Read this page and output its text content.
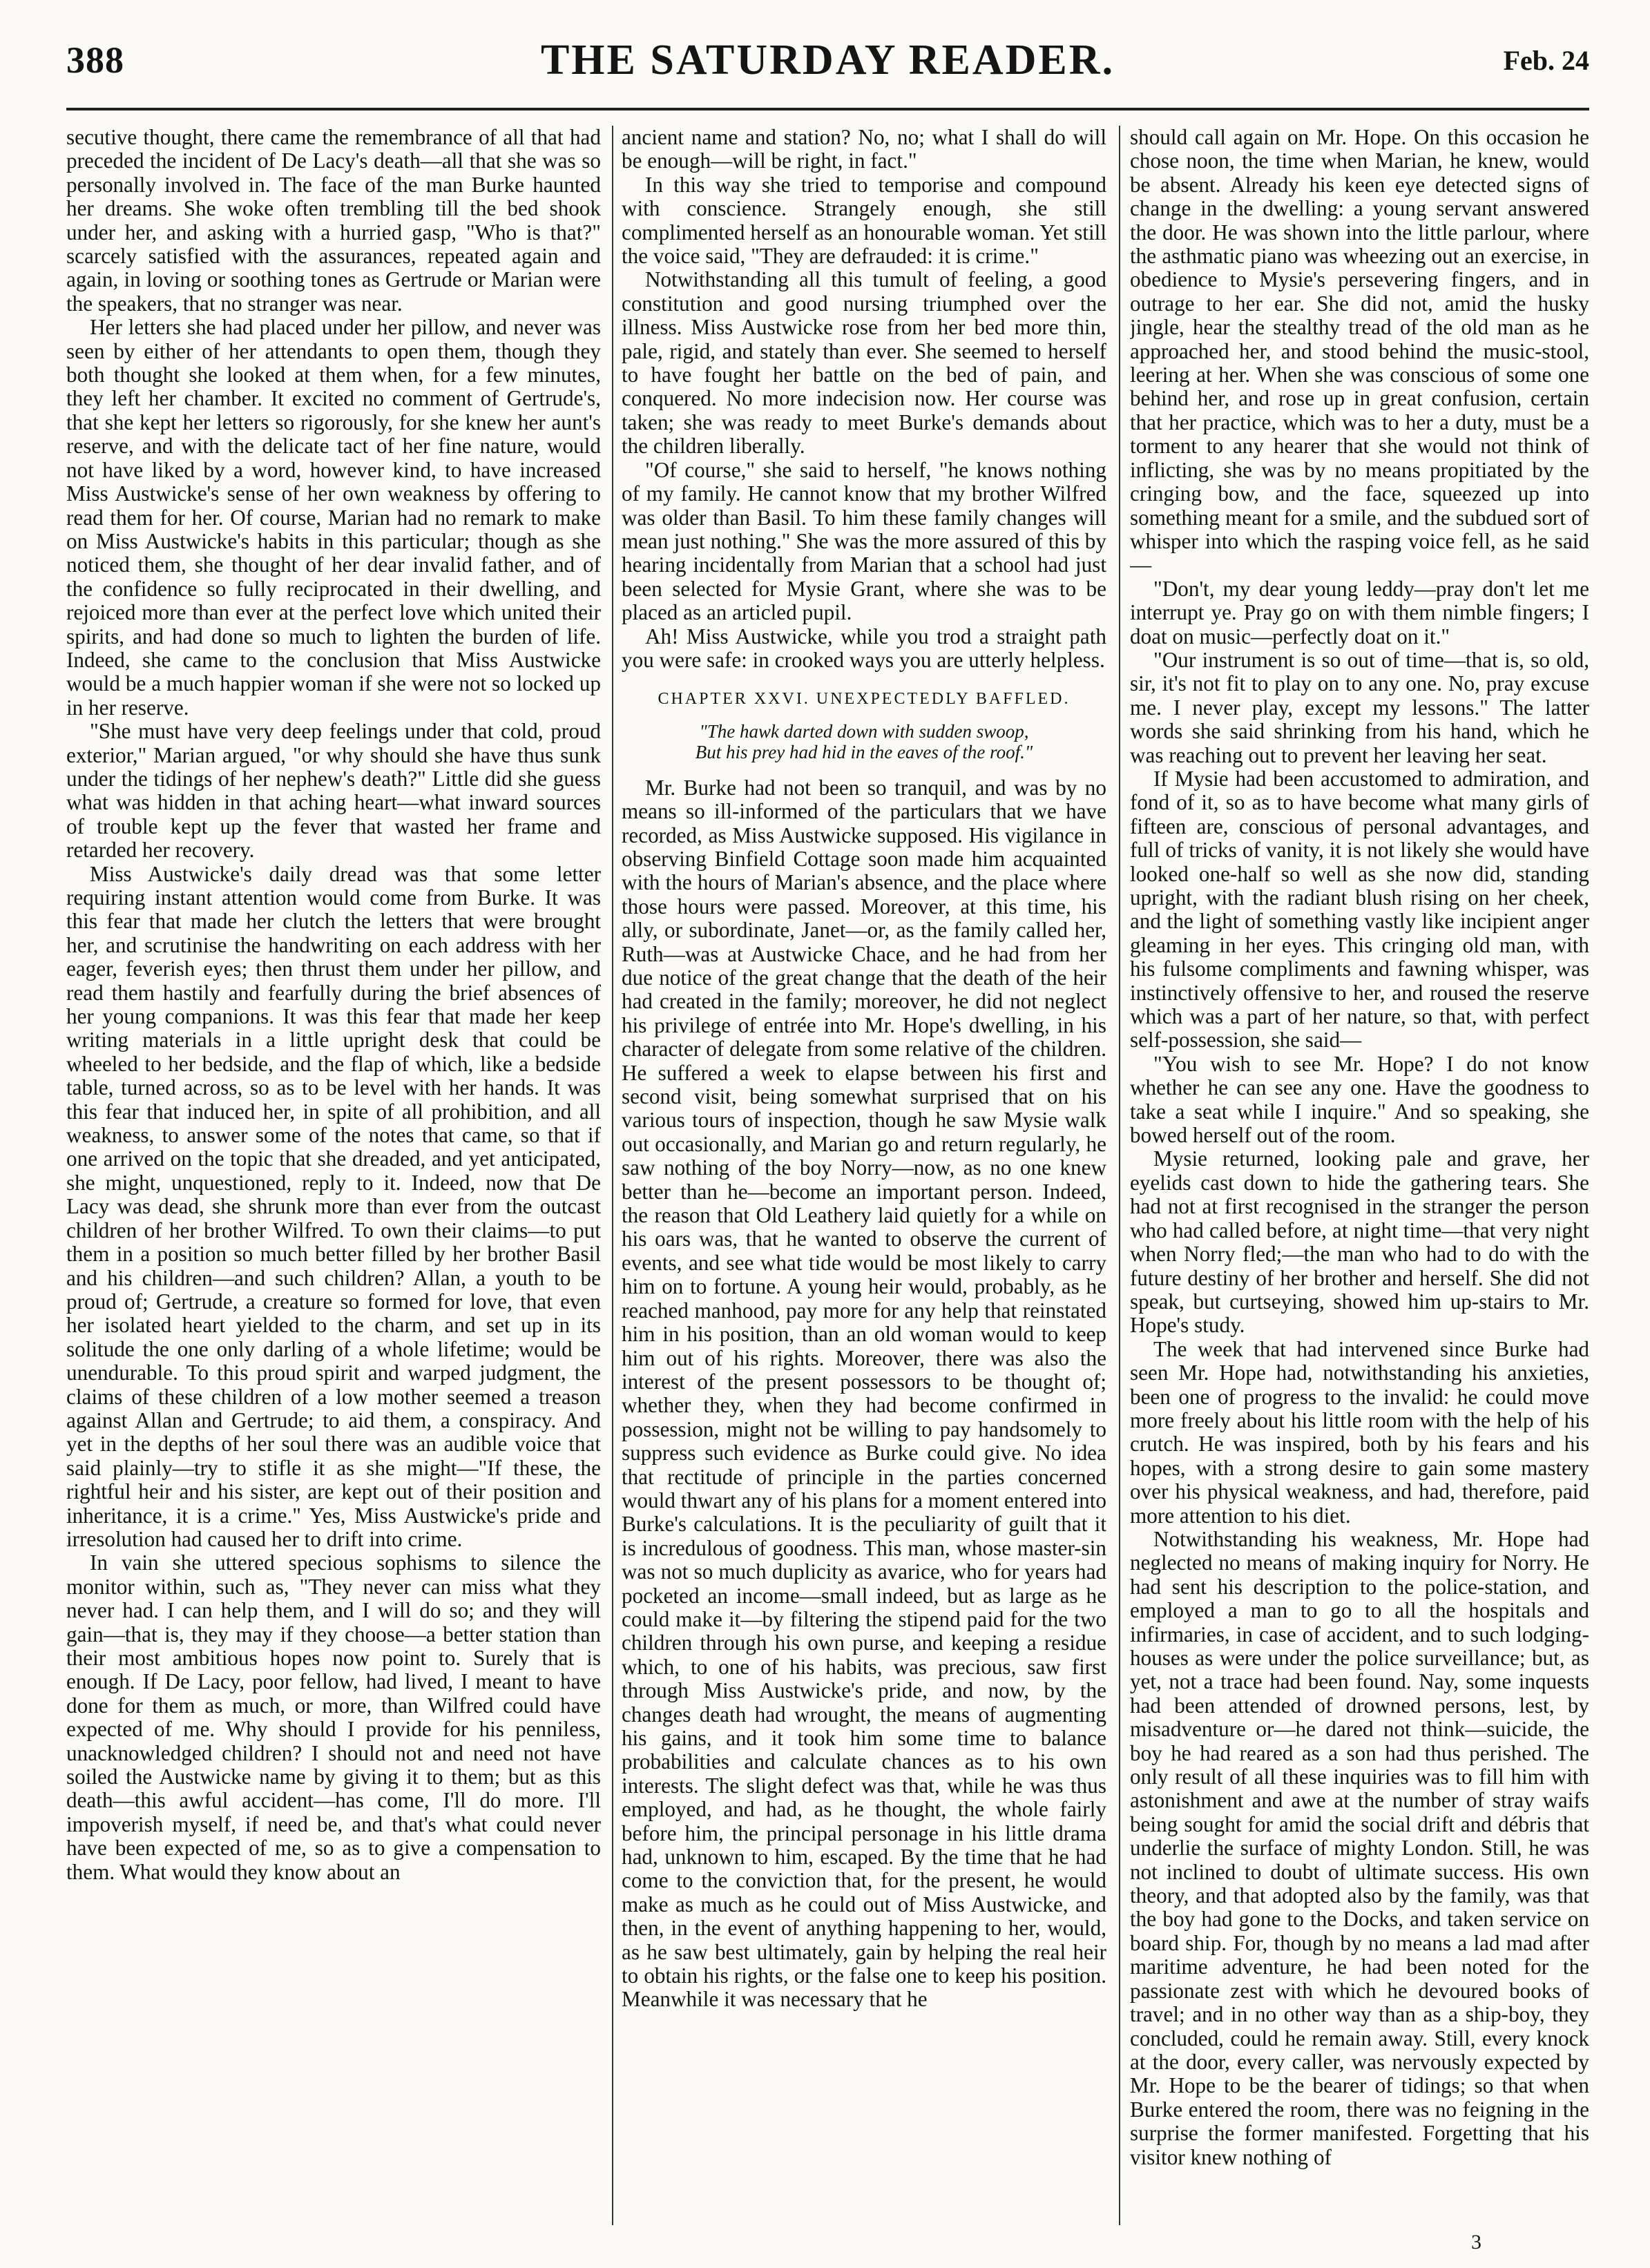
388	THE SATURDAY READER.	Feb. 24

secutive thought, there came the remembrance of all that had preceded the incident of De Lacy's death—all that she was so personally involved in. The face of the man Burke haunted her dreams. She woke often trembling till the bed shook under her, and asking with a hurried gasp, "Who is that?" scarcely satisfied with the assurances, repeated again and again, in loving or soothing tones as Gertrude or Marian were the speakers, that no stranger was near.

Her letters she had placed under her pillow, and never was seen by either of her attendants to open them, though they both thought she looked at them when, for a few minutes, they left her chamber. It excited no comment of Gertrude's, that she kept her letters so rigorously, for she knew her aunt's reserve, and with the delicate tact of her fine nature, would not have liked by a word, however kind, to have increased Miss Austwicke's sense of her own weakness by offering to read them for her. Of course, Marian had no remark to make on Miss Austwicke's habits in this particular; though as she noticed them, she thought of her dear invalid father, and of the confidence so fully reciprocated in their dwelling, and rejoiced more than ever at the perfect love which united their spirits, and had done so much to lighten the burden of life. Indeed, she came to the conclusion that Miss Austwicke would be a much happier woman if she were not so locked up in her reserve.

"She must have very deep feelings under that cold, proud exterior," Marian argued, "or why should she have thus sunk under the tidings of her nephew's death?" Little did she guess what was hidden in that aching heart—what inward sources of trouble kept up the fever that wasted her frame and retarded her recovery.

Miss Austwicke's daily dread was that some letter requiring instant attention would come from Burke. It was this fear that made her clutch the letters that were brought her, and scrutinise the handwriting on each address with her eager, feverish eyes; then thrust them under her pillow, and read them hastily and fearfully during the brief absences of her young companions. It was this fear that made her keep writing materials in a little upright desk that could be wheeled to her bedside, and the flap of which, like a bedside table, turned across, so as to be level with her hands. It was this fear that induced her, in spite of all prohibition, and all weakness, to answer some of the notes that came, so that if one arrived on the topic that she dreaded, and yet anticipated, she might, unquestioned, reply to it. Indeed, now that De Lacy was dead, she shrunk more than ever from the outcast children of her brother Wilfred. To own their claims—to put them in a position so much better filled by her brother Basil and his children—and such children? Allan, a youth to be proud of; Gertrude, a creature so formed for love, that even her isolated heart yielded to the charm, and set up in its solitude the one only darling of a whole lifetime; would be unendurable. To this proud spirit and warped judgment, the claims of these children of a low mother seemed a treason against Allan and Gertrude; to aid them, a conspiracy. And yet in the depths of her soul there was an audible voice that said plainly—try to stifle it as she might—"If these, the rightful heir and his sister, are kept out of their position and inheritance, it is a crime." Yes, Miss Austwicke's pride and irresolution had caused her to drift into crime.

In vain she uttered specious sophisms to silence the monitor within, such as, "They never can miss what they never had. I can help them, and I will do so; and they will gain—that is, they may if they choose—a better station than their most ambitious hopes now point to. Surely that is enough. If De Lacy, poor fellow, had lived, I meant to have done for them as much, or more, than Wilfred could have expected of me. Why should I provide for his penniless, unacknowledged children? I should not and need not have soiled the Austwicke name by giving it to them; but as this death—this awful accident—has come, I'll do more. I'll impoverish myself, if need be, and that's what could never have been expected of me, so as to give a compensation to them. What would they know about an

ancient name and station? No, no; what I shall do will be enough—will be right, in fact."

In this way she tried to temporise and compound with conscience. Strangely enough, she still complimented herself as an honourable woman. Yet still the voice said, "They are defrauded: it is crime."

Notwithstanding all this tumult of feeling, a good constitution and good nursing triumphed over the illness. Miss Austwicke rose from her bed more thin, pale, rigid, and stately than ever. She seemed to herself to have fought her battle on the bed of pain, and conquered. No more indecision now. Her course was taken; she was ready to meet Burke's demands about the children liberally.

"Of course," she said to herself, "he knows nothing of my family. He cannot know that my brother Wilfred was older than Basil. To him these family changes will mean just nothing." She was the more assured of this by hearing incidentally from Marian that a school had just been selected for Mysie Grant, where she was to be placed as an articled pupil.

Ah! Miss Austwicke, while you trod a straight path you were safe: in crooked ways you are utterly helpless.

CHAPTER XXVI. UNEXPECTEDLY BAFFLED.
"The hawk darted down with sudden swoop,
But his prey had hid in the eaves of the roof."

Mr. Burke had not been so tranquil, and was by no means so ill-informed of the particulars that we have recorded, as Miss Austwicke supposed. His vigilance in observing Binfield Cottage soon made him acquainted with the hours of Marian's absence, and the place where those hours were passed. Moreover, at this time, his ally, or subordinate, Janet—or, as the family called her, Ruth—was at Austwicke Chace, and he had from her due notice of the great change that the death of the heir had created in the family; moreover, he did not neglect his privilege of entrée into Mr. Hope's dwelling, in his character of delegate from some relative of the children. He suffered a week to elapse between his first and second visit, being somewhat surprised that on his various tours of inspection, though he saw Mysie walk out occasionally, and Marian go and return regularly, he saw nothing of the boy Norry—now, as no one knew better than he—become an important person. Indeed, the reason that Old Leathery laid quietly for a while on his oars was, that he wanted to observe the current of events, and see what tide would be most likely to carry him on to fortune. A young heir would, probably, as he reached manhood, pay more for any help that reinstated him in his position, than an old woman would to keep him out of his rights. Moreover, there was also the interest of the present possessors to be thought of; whether they, when they had become confirmed in possession, might not be willing to pay handsomely to suppress such evidence as Burke could give. No idea that rectitude of principle in the parties concerned would thwart any of his plans for a moment entered into Burke's calculations. It is the peculiarity of guilt that it is incredulous of goodness. This man, whose master-sin was not so much duplicity as avarice, who for years had pocketed an income—small indeed, but as large as he could make it—by filtering the stipend paid for the two children through his own purse, and keeping a residue which, to one of his habits, was precious, saw first through Miss Austwicke's pride, and now, by the changes death had wrought, the means of augmenting his gains, and it took him some time to balance probabilities and calculate chances as to his own interests. The slight defect was that, while he was thus employed, and had, as he thought, the whole fairly before him, the principal personage in his little drama had, unknown to him, escaped. By the time that he had come to the conviction that, for the present, he would make as much as he could out of Miss Austwicke, and then, in the event of anything happening to her, would, as he saw best ultimately, gain by helping the real heir to obtain his rights, or the false one to keep his position. Meanwhile it was necessary that he

should call again on Mr. Hope. On this occasion he chose noon, the time when Marian, he knew, would be absent. Already his keen eye detected signs of change in the dwelling: a young servant answered the door. He was shown into the little parlour, where the asthmatic piano was wheezing out an exercise, in obedience to Mysie's persevering fingers, and in outrage to her ear. She did not, amid the husky jingle, hear the stealthy tread of the old man as he approached her, and stood behind the music-stool, leering at her. When she was conscious of some one behind her, and rose up in great confusion, certain that her practice, which was to her a duty, must be a torment to any hearer that she would not think of inflicting, she was by no means propitiated by the cringing bow, and the face, squeezed up into something meant for a smile, and the subdued sort of whisper into which the rasping voice fell, as he said—

"Don't, my dear young leddy—pray don't let me interrupt ye. Pray go on with them nimble fingers; I doat on music—perfectly doat on it."

"Our instrument is so out of time—that is, so old, sir, it's not fit to play on to any one. No, pray excuse me. I never play, except my lessons." The latter words she said shrinking from his hand, which he was reaching out to prevent her leaving her seat.

If Mysie had been accustomed to admiration, and fond of it, so as to have become what many girls of fifteen are, conscious of personal advantages, and full of tricks of vanity, it is not likely she would have looked one-half so well as she now did, standing upright, with the radiant blush rising on her cheek, and the light of something vastly like incipient anger gleaming in her eyes. This cringing old man, with his fulsome compliments and fawning whisper, was instinctively offensive to her, and roused the reserve which was a part of her nature, so that, with perfect self-possession, she said—

"You wish to see Mr. Hope? I do not know whether he can see any one. Have the goodness to take a seat while I inquire." And so speaking, she bowed herself out of the room.

Mysie returned, looking pale and grave, her eyelids cast down to hide the gathering tears. She had not at first recognised in the stranger the person who had called before, at night time—that very night when Norry fled;—the man who had to do with the future destiny of her brother and herself. She did not speak, but curtseying, showed him up-stairs to Mr. Hope's study.

The week that had intervened since Burke had seen Mr. Hope had, notwithstanding his anxieties, been one of progress to the invalid: he could move more freely about his little room with the help of his crutch. He was inspired, both by his fears and his hopes, with a strong desire to gain some mastery over his physical weakness, and had, therefore, paid more attention to his diet.

Notwithstanding his weakness, Mr. Hope had neglected no means of making inquiry for Norry. He had sent his description to the police-station, and employed a man to go to all the hospitals and infirmaries, in case of accident, and to such lodging-houses as were under the police surveillance; but, as yet, not a trace had been found. Nay, some inquests had been attended of drowned persons, lest, by misadventure or—he dared not think—suicide, the boy he had reared as a son had thus perished. The only result of all these inquiries was to fill him with astonishment and awe at the number of stray waifs being sought for amid the social drift and débris that underlie the surface of mighty London. Still, he was not inclined to doubt of ultimate success. His own theory, and that adopted also by the family, was that the boy had gone to the Docks, and taken service on board ship. For, though by no means a lad mad after maritime adventure, he had been noted for the passionate zest with which he devoured books of travel; and in no other way than as a ship-boy, they concluded, could he remain away. Still, every knock at the door, every caller, was nervously expected by Mr. Hope to be the bearer of tidings; so that when Burke entered the room, there was no feigning in the surprise the former manifested. Forgetting that his visitor knew nothing of

3
